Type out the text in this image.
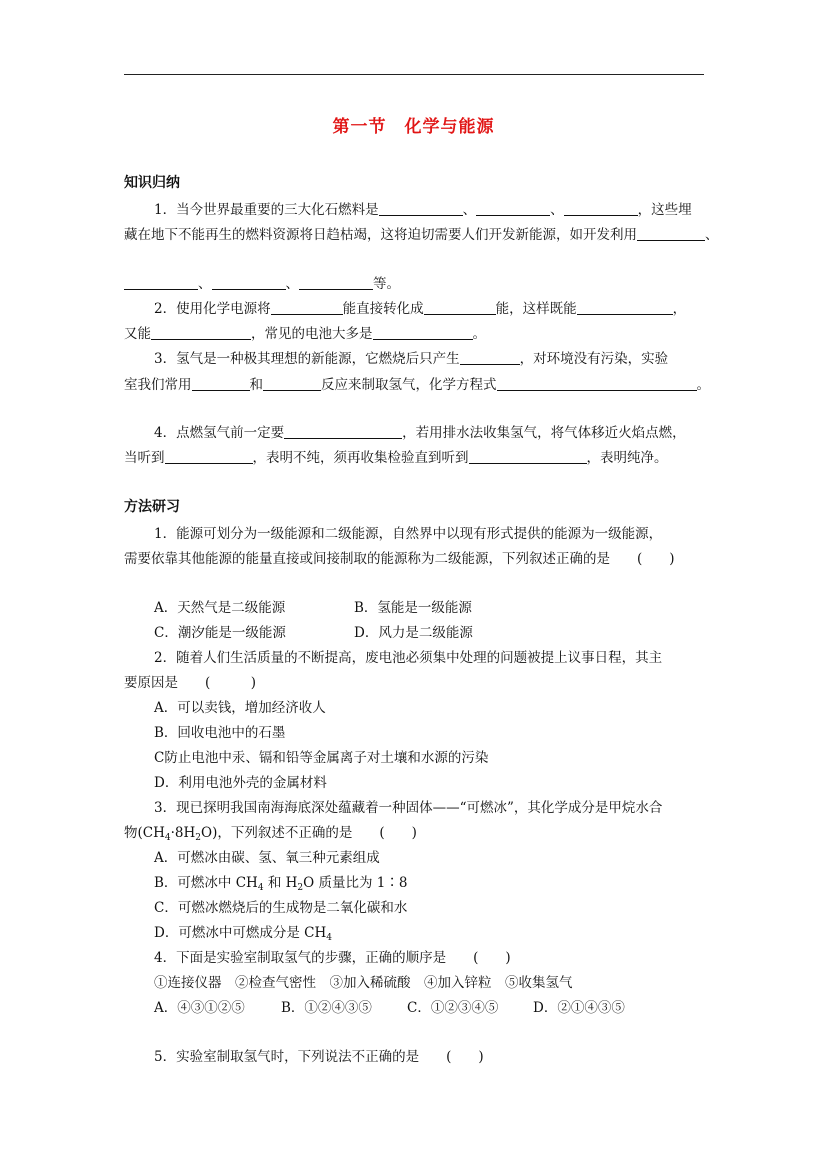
第一节　化学与能源
知识归纳
1．当今世界最重要的三大化石燃料是	、	、	，这些埋
藏在地下不能再生的燃料资源将日趋枯竭，这将迫切需要人们开发新能源，如开发利用	、
、	、	等。
2．使用化学电源将	能直接转化成	能，这样既能	，
又能	，常见的电池大多是	。
3．氢气是一种极其理想的新能源，它燃烧后只产生	，对环境没有污染，实验
室我们常用	和	反应来制取氢气，化学方程式	。
4．点燃氢气前一定要	，若用排水法收集氢气，将气体移近火焰点燃，
当听到	，表明不纯，须再收集检验直到听到	，表明纯净。
方法研习
1．能源可划分为一级能源和二级能源，自然界中以现有形式提供的能源为一级能源，
需要依靠其他能源的能量直接或间接制取的能源称为二级能源，下列叙述正确的是　　(　　)
A．天然气是二级能源	B．氢能是一级能源
C．潮汐能是一级能源	D．风力是二级能源
2．随着人们生活质量的不断提高，废电池必须集中处理的问题被提上议事日程，其主
要原因是　　(　　　)
A．可以卖钱，增加经济收人
B．回收电池中的石墨
C防止电池中汞、镉和铅等金属离子对土壤和水源的污染
D．利用电池外壳的金属材料
3．现已探明我国南海海底深处蕴藏着一种固体——“可燃冰”，其化学成分是甲烷水合
物$(CH_4\cdot 8H_2O)$，下列叙述不正确的是　　(　　)
A．可燃冰由碳、氢、氧三种元素组成
B．可燃冰中 $CH_4$ 和 $H_2O$ 质量比为 1∶8
C．可燃冰燃烧后的生成物是二氧化碳和水
D．可燃冰中可燃成分是 $CH_4$
4．下面是实验室制取氢气的步骤，正确的顺序是　　(　　)
①连接仪器　②检查气密性　③加入稀硫酸　④加入锌粒　⑤收集氢气
A．④③①②⑤	B．①②④③⑤	C．①②③④⑤	D．②①④③⑤
5．实验室制取氢气时，下列说法不正确的是　　(　　)
